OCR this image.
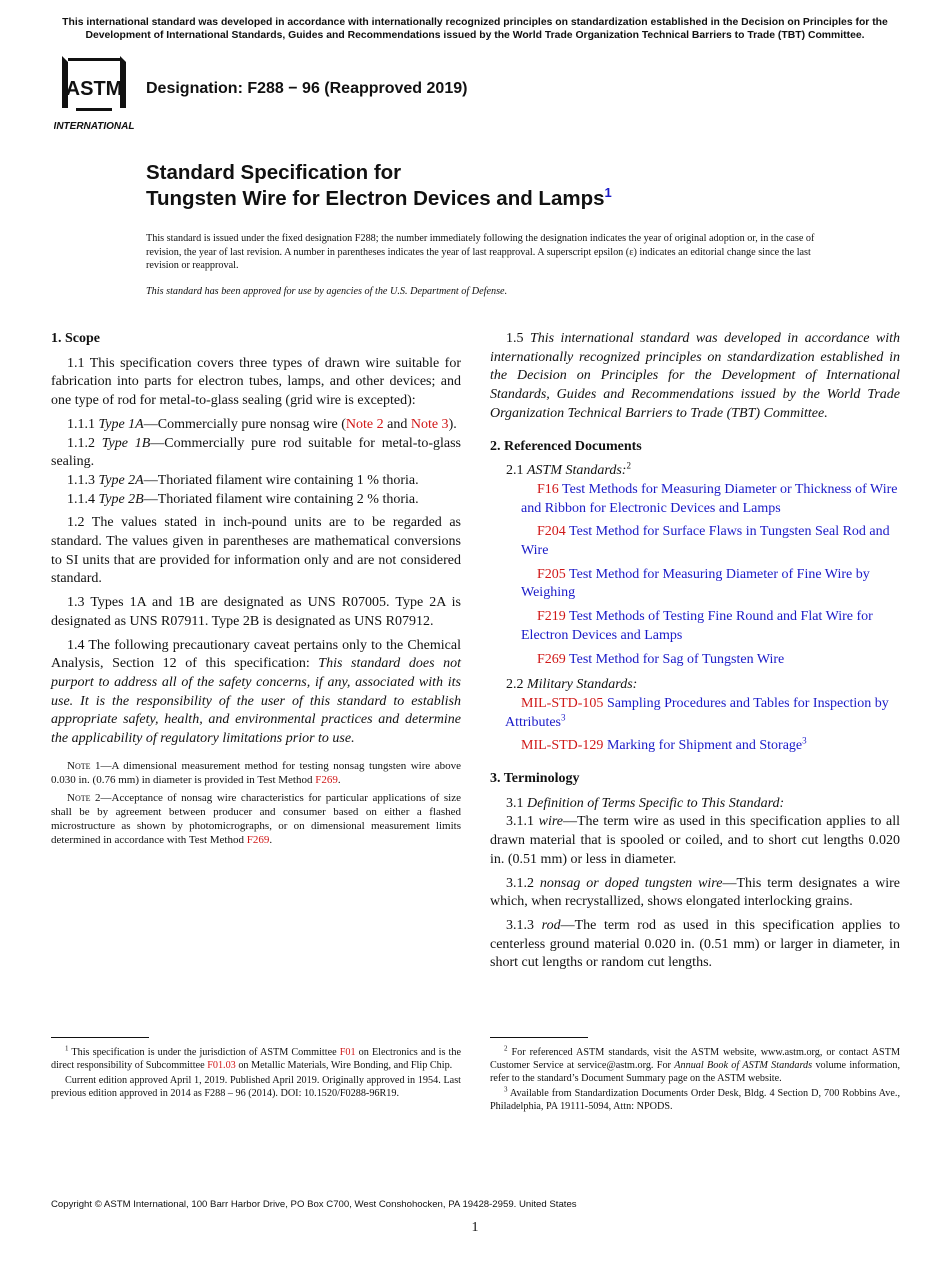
This international standard was developed in accordance with internationally recognized principles on standardization established in the Decision on Principles for the Development of International Standards, Guides and Recommendations issued by the World Trade Organization Technical Barriers to Trade (TBT) Committee.
ASTM
INTERNATIONAL
Designation: F288 − 96 (Reapproved 2019)
Standard Specification for
Tungsten Wire for Electron Devices and Lamps$^1$
This standard is issued under the fixed designation F288; the number immediately following the designation indicates the year of original adoption or, in the case of revision, the year of last revision. A number in parentheses indicates the year of last reapproval. A superscript epsilon (ε) indicates an editorial change since the last revision or reapproval.
This standard has been approved for use by agencies of the U.S. Department of Defense.
1. Scope

1.1 This specification covers three types of drawn wire suitable for fabrication into parts for electron tubes, lamps, and other devices; and one type of rod for metal-to-glass sealing (grid wire is excepted):

1.1.1 Type 1A—Commercially pure nonsag wire (Note 2 and Note 3).

1.1.2 Type 1B—Commercially pure rod suitable for metal-to-glass sealing.

1.1.3 Type 2A—Thoriated filament wire containing 1 % thoria.

1.1.4 Type 2B—Thoriated filament wire containing 2 % thoria.

1.2 The values stated in inch-pound units are to be regarded as standard. The values given in parentheses are mathematical conversions to SI units that are provided for information only and are not considered standard.

1.3 Types 1A and 1B are designated as UNS R07005. Type 2A is designated as UNS R07911. Type 2B is designated as UNS R07912.

1.4 The following precautionary caveat pertains only to the Chemical Analysis, Section 12 of this specification: This standard does not purport to address all of the safety concerns, if any, associated with its use. It is the responsibility of the user of this standard to establish appropriate safety, health, and environmental practices and determine the applicability of regulatory limitations prior to use.

Note 1—A dimensional measurement method for testing nonsag tungsten wire above 0.030 in. (0.76 mm) in diameter is provided in Test Method F269.

Note 2—Acceptance of nonsag wire characteristics for particular applications of size shall be by agreement between producer and consumer based on either a flashed microstructure as shown by photomicrographs, or on dimensional measurement limits determined in accordance with Test Method F269.

1.5 This international standard was developed in accordance with internationally recognized principles on standardization established in the Decision on Principles for the Development of International Standards, Guides and Recommendations issued by the World Trade Organization Technical Barriers to Trade (TBT) Committee.

2. Referenced Documents

2.1 ASTM Standards:$^2$

F16 Test Methods for Measuring Diameter or Thickness of Wire and Ribbon for Electronic Devices and Lamps

F204 Test Method for Surface Flaws in Tungsten Seal Rod and Wire

F205 Test Method for Measuring Diameter of Fine Wire by Weighing

F219 Test Methods of Testing Fine Round and Flat Wire for Electron Devices and Lamps

F269 Test Method for Sag of Tungsten Wire

2.2 Military Standards:

MIL-STD-105 Sampling Procedures and Tables for Inspection by Attributes$^3$

MIL-STD-129 Marking for Shipment and Storage$^3$

3. Terminology

3.1 Definition of Terms Specific to This Standard:

3.1.1 wire—The term wire as used in this specification applies to all drawn material that is spooled or coiled, and to short cut lengths 0.020 in. (0.51 mm) or less in diameter.

3.1.2 nonsag or doped tungsten wire—This term designates a wire which, when recrystallized, shows elongated interlocking grains.

3.1.3 rod—The term rod as used in this specification applies to centerless ground material 0.020 in. (0.51 mm) or larger in diameter, in short cut lengths or random cut lengths.

$^1$ This specification is under the jurisdiction of ASTM Committee F01 on Electronics and is the direct responsibility of Subcommittee F01.03 on Metallic Materials, Wire Bonding, and Flip Chip.

Current edition approved April 1, 2019. Published April 2019. Originally approved in 1954. Last previous edition approved in 2014 as F288 – 96 (2014). DOI: 10.1520/F0288-96R19.

$^2$ For referenced ASTM standards, visit the ASTM website, www.astm.org, or contact ASTM Customer Service at service@astm.org. For Annual Book of ASTM Standards volume information, refer to the standard’s Document Summary page on the ASTM website.

$^3$ Available from Standardization Documents Order Desk, Bldg. 4 Section D, 700 Robbins Ave., Philadelphia, PA 19111-5094, Attn: NPODS.

Copyright © ASTM International, 100 Barr Harbor Drive, PO Box C700, West Conshohocken, PA 19428-2959. United States
1
